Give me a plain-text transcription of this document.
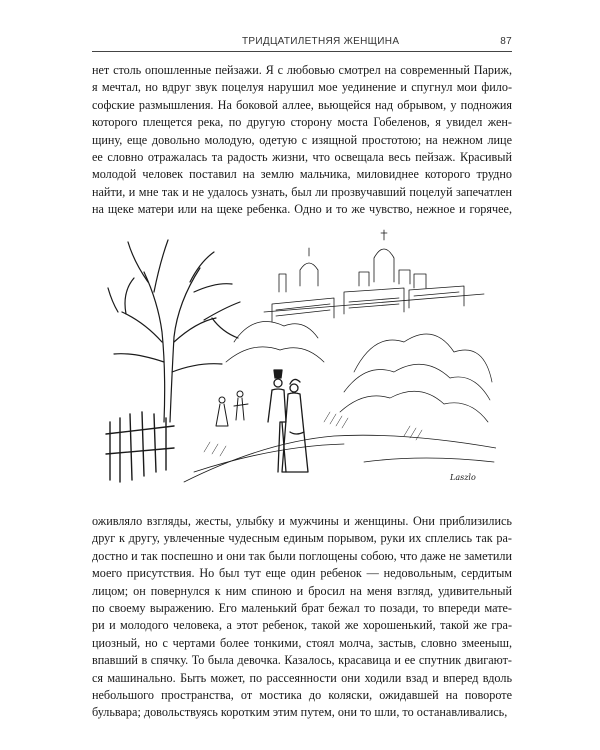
ТРИДЦАТИЛЕТНЯЯ ЖЕНЩИНА	87

нет столь опошленные пейзажи. Я с любовью смотрел на современный Париж,
я мечтал, но вдруг звук поцелуя нарушил мое уединение и спугнул мои фило-
софские размышления. На боковой аллее, вьющейся над обрывом, у подножия
которого плещется река, по другую сторону моста Гобеленов, я увидел жен-
щину, еще довольно молодую, одетую с изящной простотою; на нежном лице
ее словно отражалась та радость жизни, что освещала весь пейзаж. Красивый
молодой человек поставил на землю мальчика, миловиднее которого трудно
найти, и мне так и не удалось узнать, был ли прозвучавший поцелуй запечатлен
на щеке матери или на щеке ребенка. Одно и то же чувство, нежное и горячее,

Laszlo

оживляло взгляды, жесты, улыбку и мужчины и женщины. Они приблизились
друг к другу, увлеченные чудесным единым порывом, руки их сплелись так ра-
достно и так поспешно и они так были поглощены собою, что даже не заметили
моего присутствия. Но был тут еще один ребенок — недовольным, сердитым
лицом; он повернулся к ним спиною и бросил на меня взгляд, удивительный
по своему выражению. Его маленький брат бежал то позади, то впереди мате-
ри и молодого человека, а этот ребенок, такой же хорошенький, такой же гра-
циозный, но с чертами более тонкими, стоял молча, застыв, словно змееныш,
впавший в спячку. То была девочка. Казалось, красавица и ее спутник двигают-
ся машинально. Быть может, по рассеянности они ходили взад и вперед вдоль
небольшого пространства, от мостика до коляски, ожидавшей на повороте
бульвара; довольствуясь коротким этим путем, они то шли, то останавливались,
